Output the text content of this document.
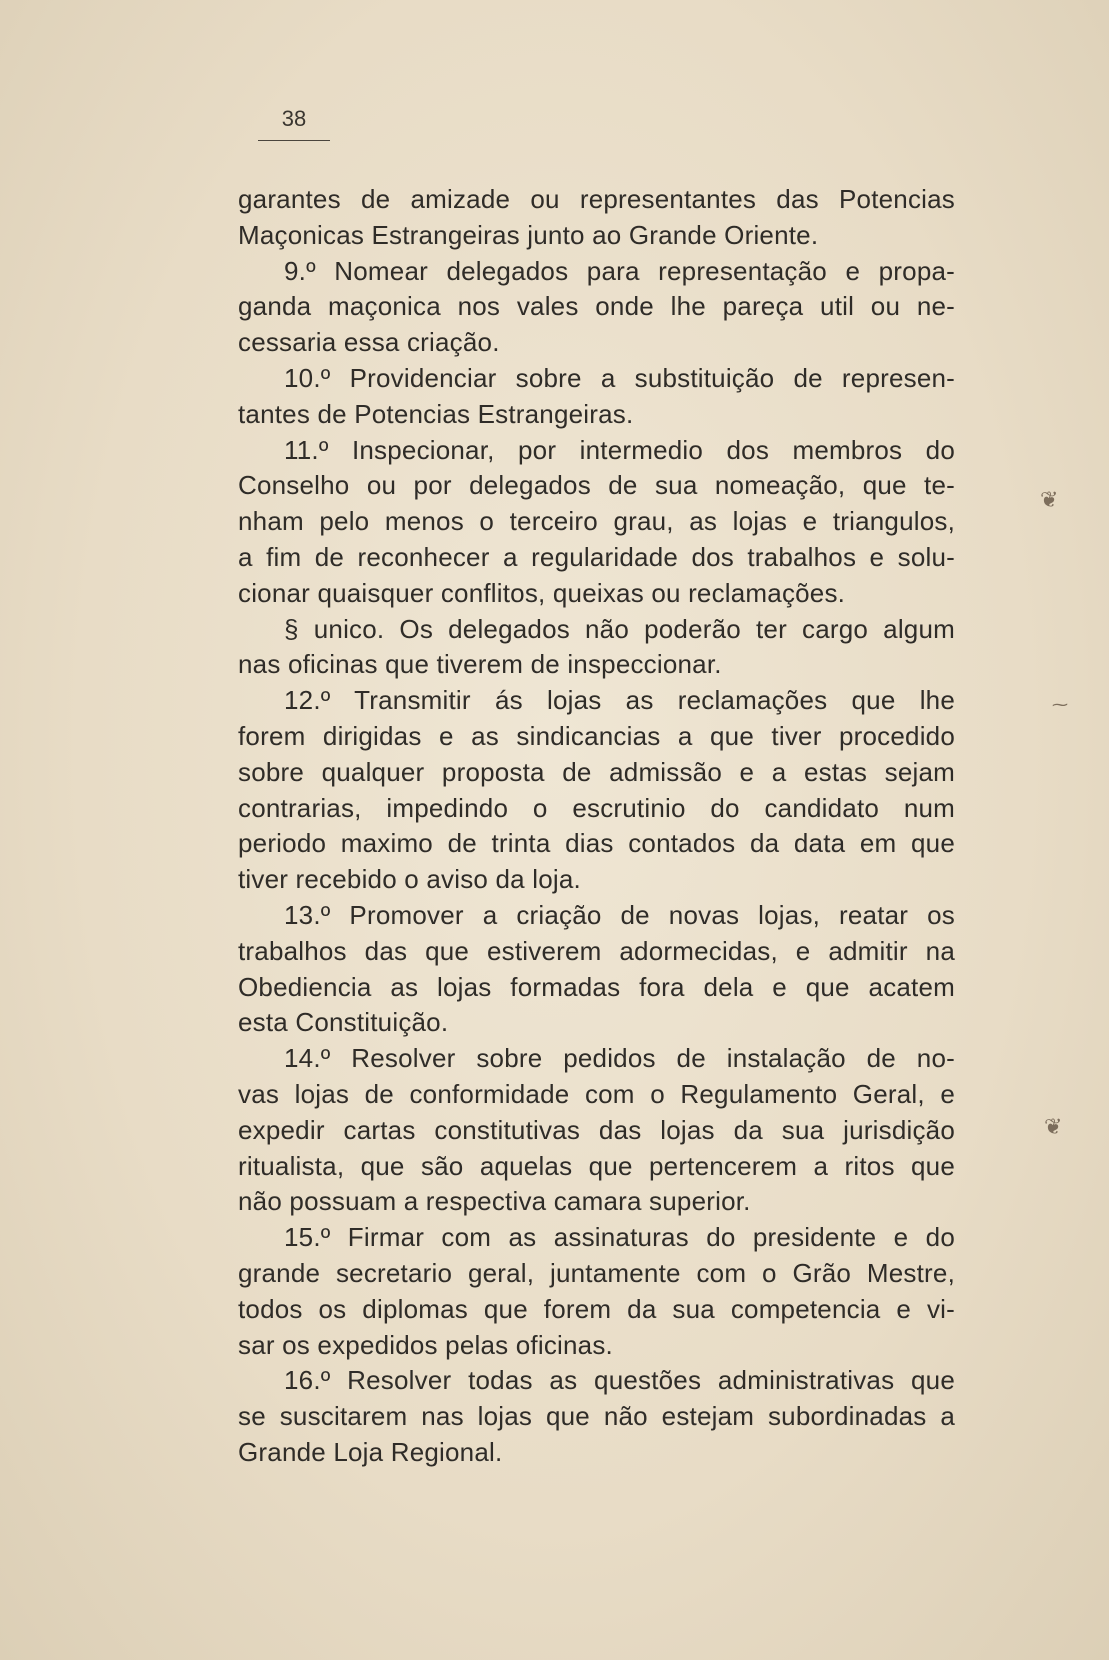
38
garantes de amizade ou representantes das Potencias
Maçonicas Estrangeiras junto ao Grande Oriente.
9.º Nomear delegados para representação e propa-
ganda maçonica nos vales onde lhe pareça util ou ne-
cessaria essa criação.
10.º Providenciar sobre a substituição de represen-
tantes de Potencias Estrangeiras.
11.º Inspecionar, por intermedio dos membros do
Conselho ou por delegados de sua nomeação, que te-
nham pelo menos o terceiro grau, as lojas e triangulos,
a fim de reconhecer a regularidade dos trabalhos e solu-
cionar quaisquer conflitos, queixas ou reclamações.
§ unico. Os delegados não poderão ter cargo algum
nas oficinas que tiverem de inspeccionar.
12.º Transmitir ás lojas as reclamações que lhe
forem dirigidas e as sindicancias a que tiver procedido
sobre qualquer proposta de admissão e a estas sejam
contrarias, impedindo o escrutinio do candidato num
periodo maximo de trinta dias contados da data em que
tiver recebido o aviso da loja.
13.º Promover a criação de novas lojas, reatar os
trabalhos das que estiverem adormecidas, e admitir na
Obediencia as lojas formadas fora dela e que acatem
esta Constituição.
14.º Resolver sobre pedidos de instalação de no-
vas lojas de conformidade com o Regulamento Geral, e
expedir cartas constitutivas das lojas da sua jurisdição
ritualista, que são aquelas que pertencerem a ritos que
não possuam a respectiva camara superior.
15.º Firmar com as assinaturas do presidente e do
grande secretario geral, juntamente com o Grão Mestre,
todos os diplomas que forem da sua competencia e vi-
sar os expedidos pelas oficinas.
16.º Resolver todas as questões administrativas que
se suscitarem nas lojas que não estejam subordinadas a
Grande Loja Regional.
❦
⁓
❦
